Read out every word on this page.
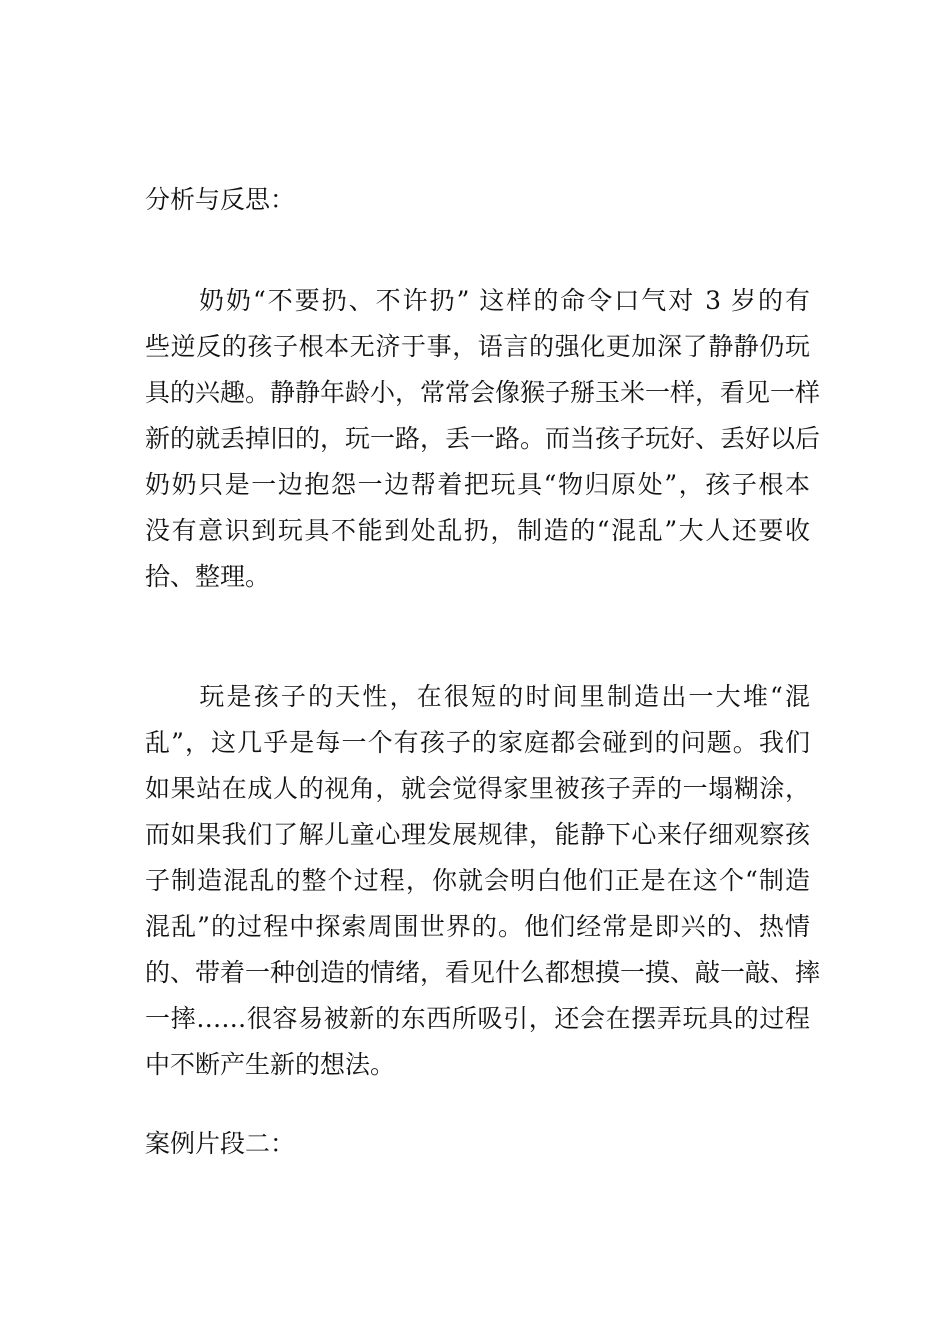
分析与反思：

　　奶奶“不要扔、不许扔” 这样的命令口气对 3 岁的有
些逆反的孩子根本无济于事，语言的强化更加深了静静仍玩
具的兴趣。静静年龄小，常常会像猴子掰玉米一样，看见一样
新的就丢掉旧的，玩一路，丢一路。而当孩子玩好、丢好以后
奶奶只是一边抱怨一边帮着把玩具“物归原处”，孩子根本
没有意识到玩具不能到处乱扔，制造的“混乱”大人还要收
拾、整理。
　　玩是孩子的天性，在很短的时间里制造出一大堆“混
乱”，这几乎是每一个有孩子的家庭都会碰到的问题。我们
如果站在成人的视角，就会觉得家里被孩子弄的一塌糊涂，
而如果我们了解儿童心理发展规律，能静下心来仔细观察孩
子制造混乱的整个过程，你就会明白他们正是在这个“制造
混乱”的过程中探索周围世界的。他们经常是即兴的、热情
的、带着一种创造的情绪，看见什么都想摸一摸、敲一敲、摔
一摔……很容易被新的东西所吸引，还会在摆弄玩具的过程
中不断产生新的想法。

案例片段二：
